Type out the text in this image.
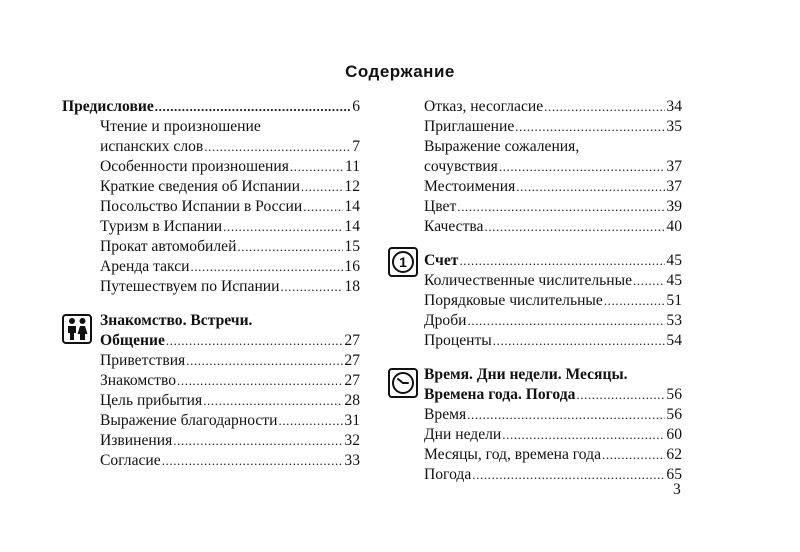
Содержание
Предисловие .....	6
Чтение и произношение
испанских слов .....	7
Особенности произношения .....	11
Краткие сведения об Испании .....	12
Посольство Испании в России .....	14
Туризм в Испании .....	14
Прокат автомобилей .....	15
Аренда такси .....	16
Путешествуем по Испании .....	18
Знакомство. Встречи.
Общение .....	27
Приветствия .....	27
Знакомство .....	27
Цель прибытия .....	28
Выражение благодарности .....	31
Извинения .....	32
Согласие .....	33
Отказ, несогласие .....	34
Приглашение .....	35
Выражение сожаления,
сочувствия .....	37
Местоимения .....	37
Цвет .....	39
Качества .....	40
1 Счет .....	45
Количественные числительные ..... 45
Порядковые числительные .....	51
Дроби .....	53
Проценты .....	54
Время. Дни недели. Месяцы.
Времена года. Погода .....	56
Время .....	56
Дни недели .....	60
Месяцы, год, времена года .....	62
Погода .....	65
3
